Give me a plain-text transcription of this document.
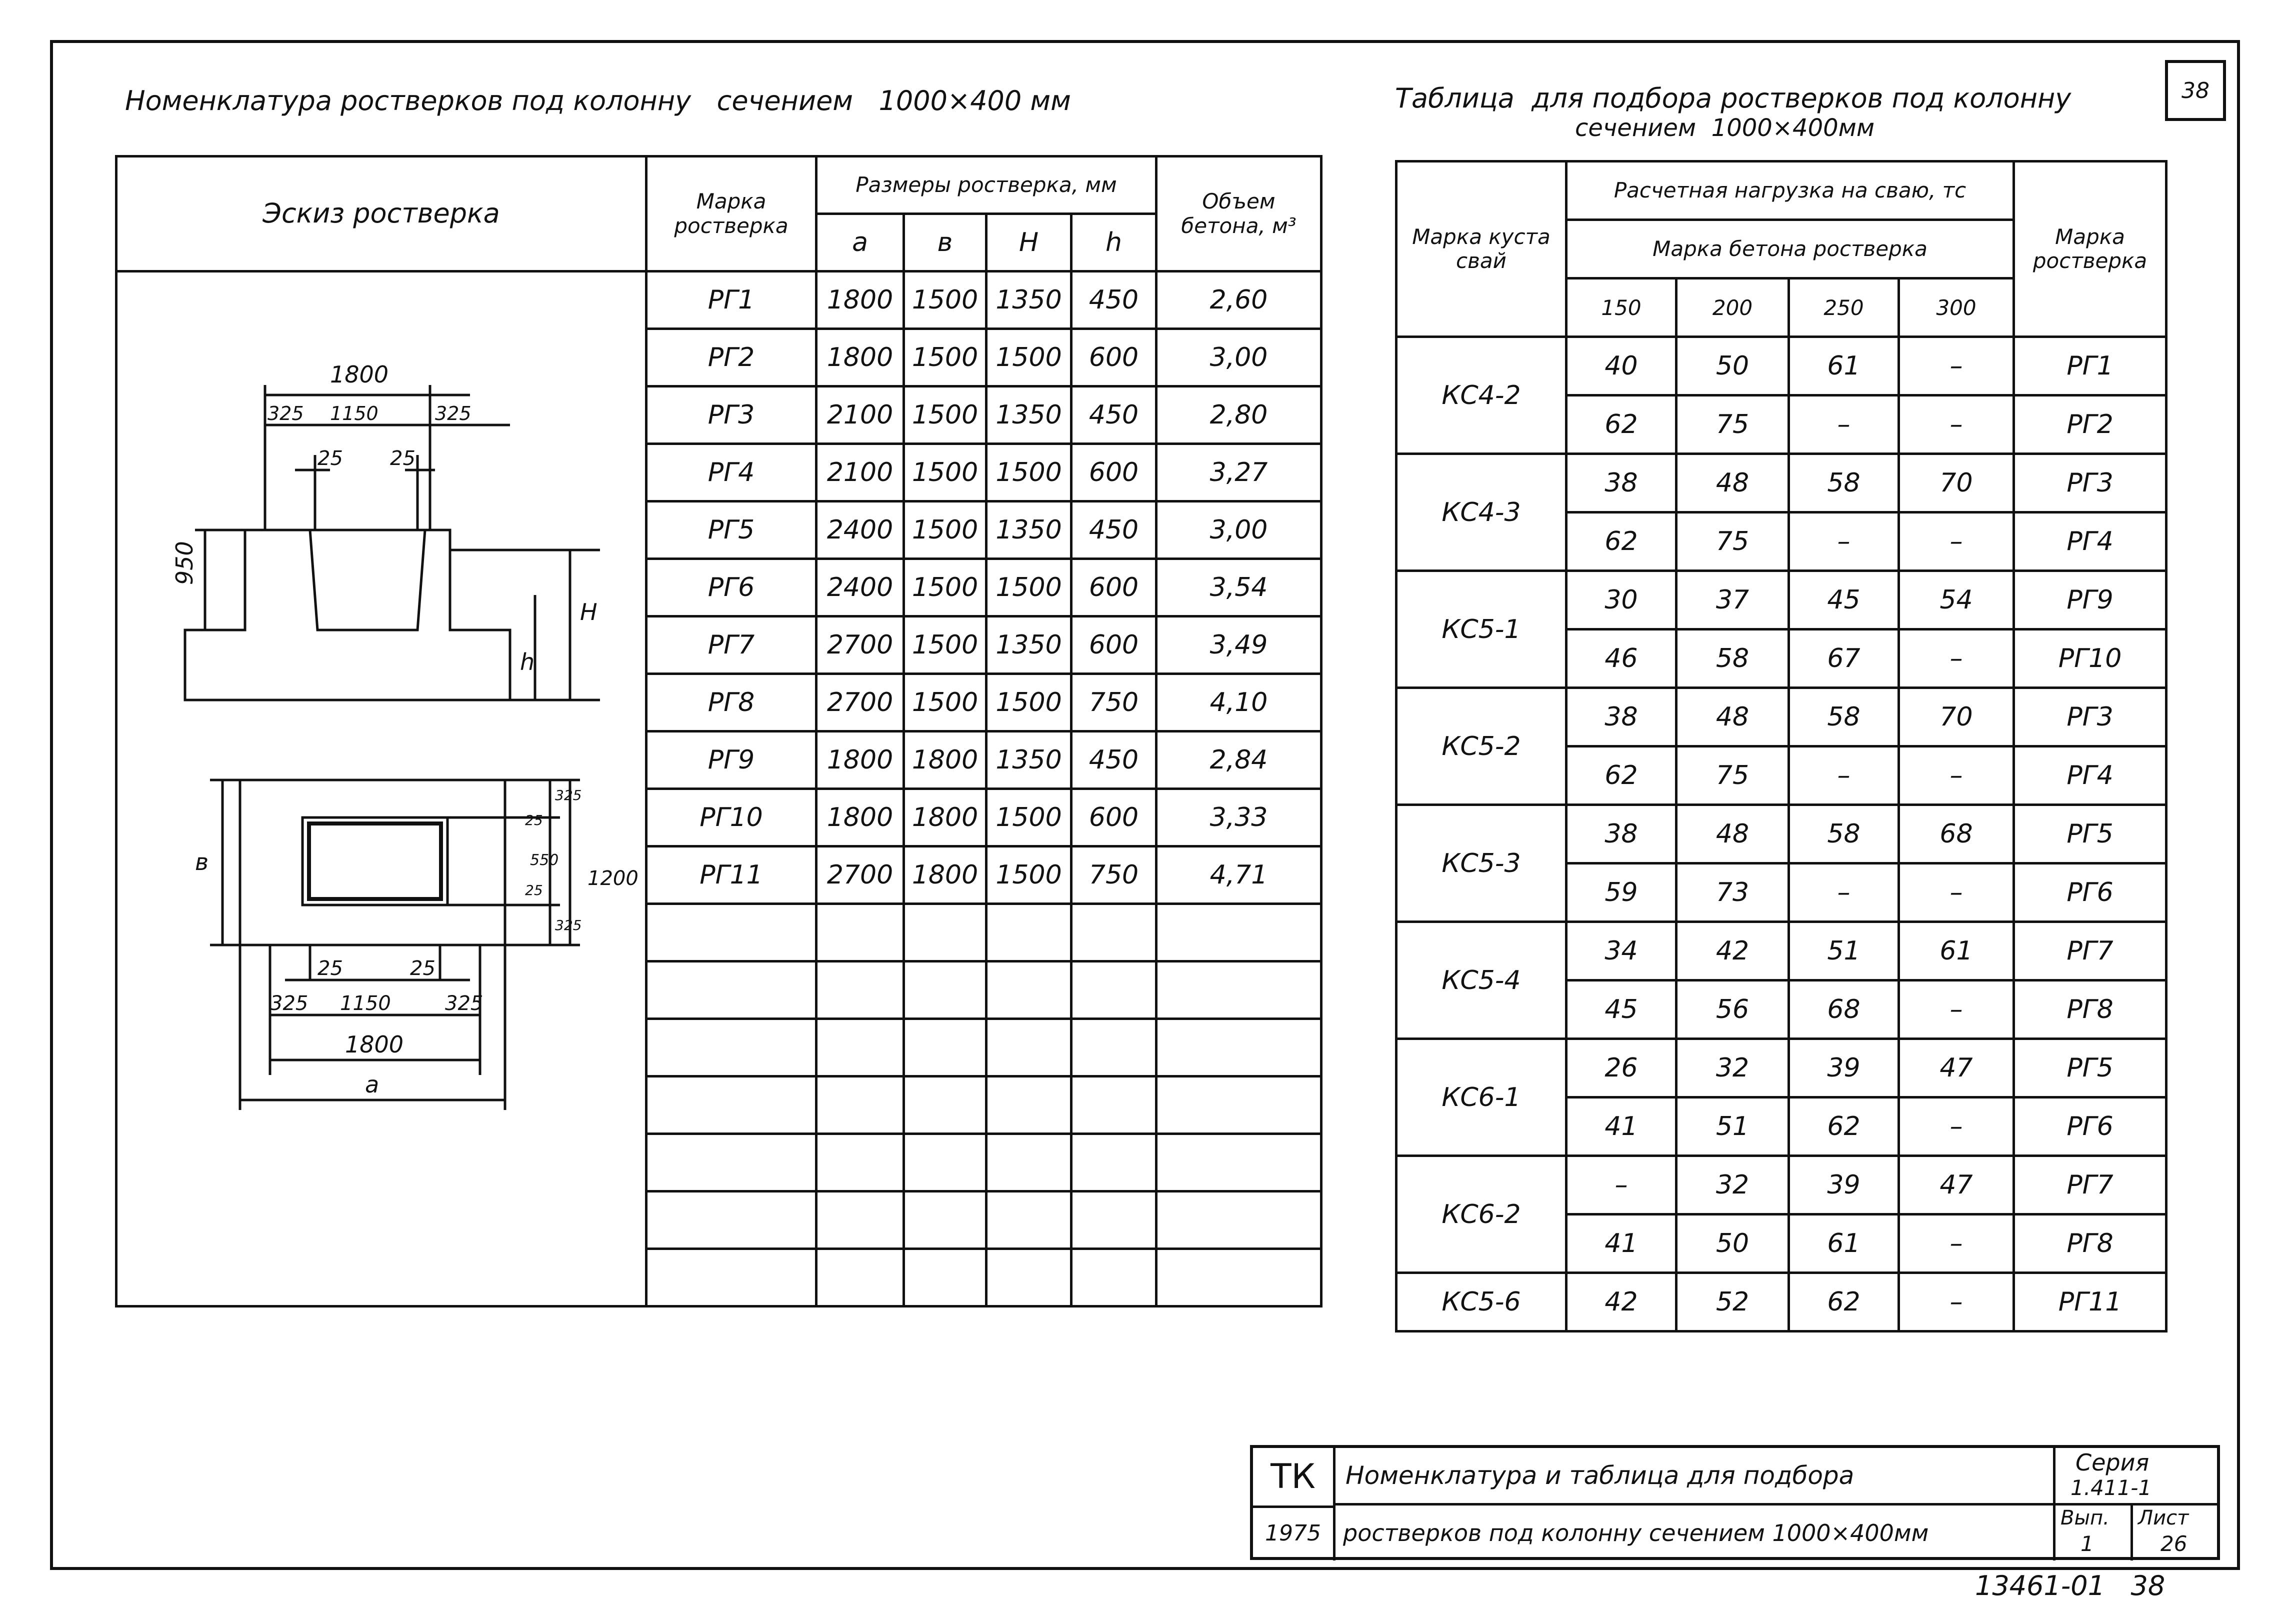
38
Номенклатура ростверков под колонну   сечением   1000×400 мм	Таблица  для подбора ростверков под колонну
сечением  1000×400мм
Эскиз ростверка	Марка ростверка	Размеры ростверка, мм				Объем бетона, м³
		a	в	H	h	
	РГ1	1800	1500	1350	450	2,60
	РГ2	1800	1500	1500	600	3,00
	РГ3	2100	1500	1350	450	2,80
	РГ4	2100	1500	1500	600	3,27
	РГ5	2400	1500	1350	450	3,00
	РГ6	2400	1500	1500	600	3,54
	РГ7	2700	1500	1350	600	3,49
	РГ8	2700	1500	1500	750	4,10
	РГ9	1800	1800	1350	450	2,84
	РГ10	1800	1800	1500	600	3,33
	РГ11	2700	1800	1500	750	4,71

1800
325 1150	325
25 25
950
h
H
в
1200
325
25
550
25
325
25	25
325 1150	325
1800
a
Марка куста свай	Расчетная нагрузка на сваю, тс				Марка ростверка
	Марка бетона ростверка				
	150	200	250	300	
КС4-2	40	50	61	–	РГ1
	62	75	–	–	РГ2
КС4-3	38	48	58	70	РГ3
	62	75	–	–	РГ4
КС5-1	30	37	45	54	РГ9
	46	58	67	–	РГ10
КС5-2	38	48	58	70	РГ3
	62	75	–	–	РГ4
КС5-3	38	48	58	68	РГ5
	59	73	–	–	РГ6
КС5-4	34	42	51	61	РГ7
	45	56	68	–	РГ8
КС6-1	26	32	39	47	РГ5
	41	51	62	–	РГ6
КС6-2	–	32	39	47	РГ7
	41	50	61	–	РГ8
КС5-6	42	52	62	–	РГ11
ТК
1975
Номенклатура и таблица для подбора
ростверков под колонну сечением 1000×400мм
Серия
1.411-1
Вып.
1
Лист
26
13461-01   38
